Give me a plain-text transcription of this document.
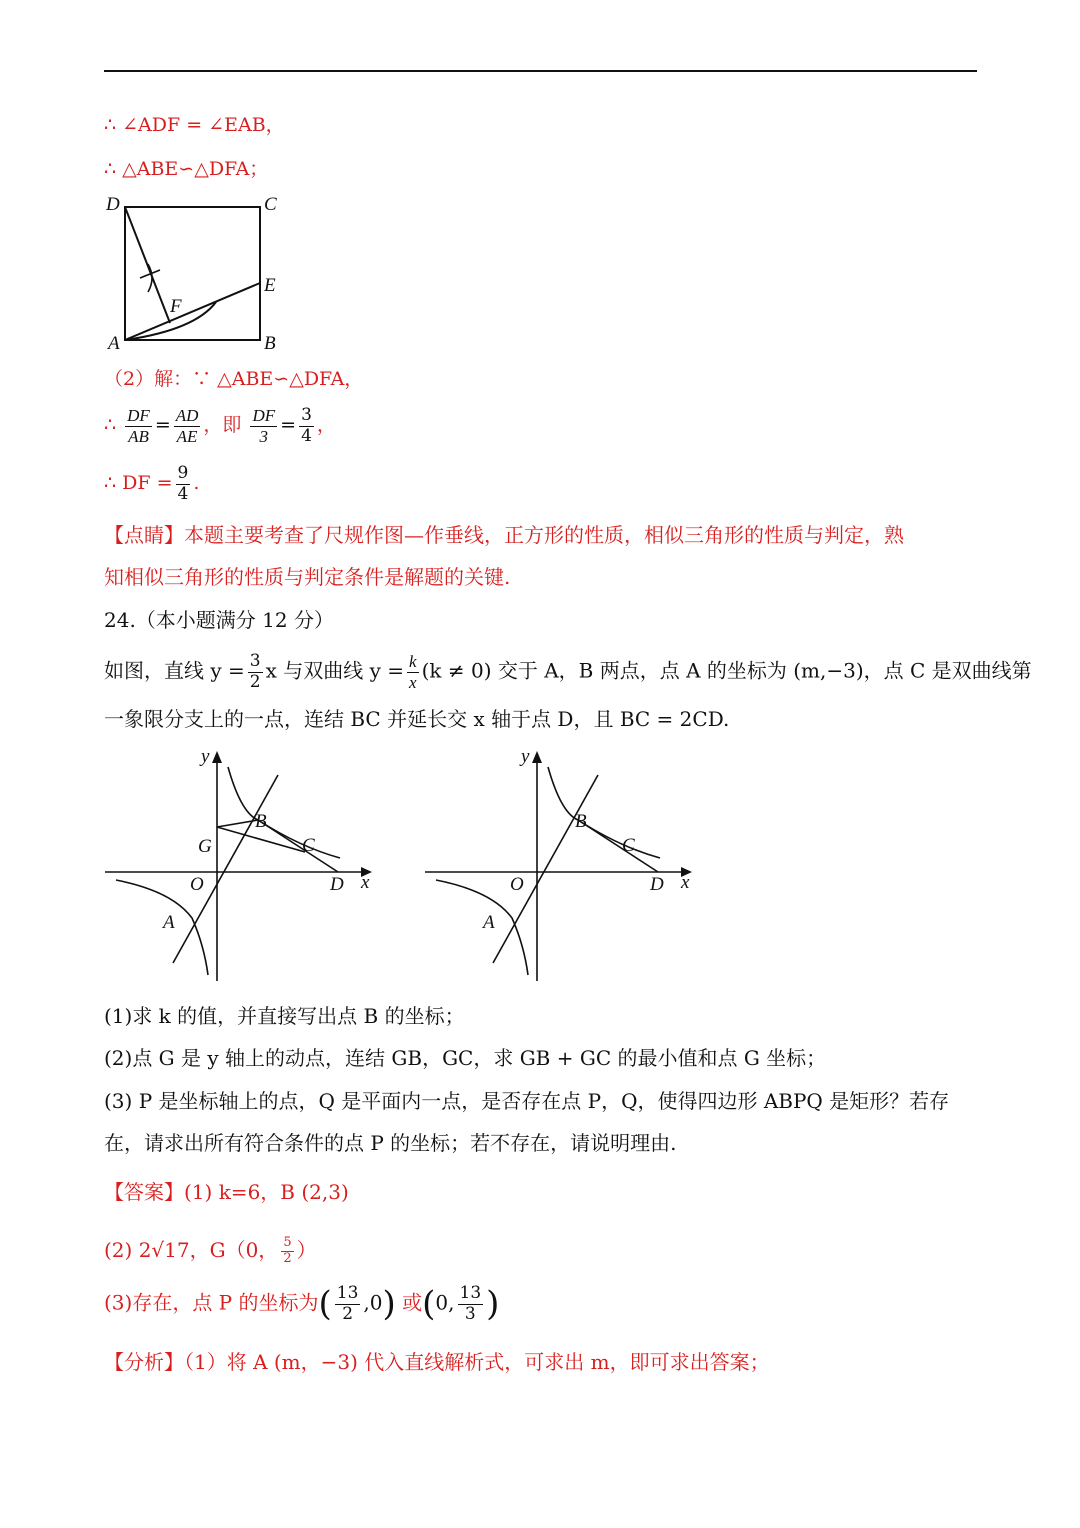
∴ ∠ADF = ∠EAB，
∴ △ABE∽△DFA；
D	C
E
F
A	B
（2）解：∵ △ABE∽△DFA，
∴ $\frac{DF}{AB} = \frac{AD}{AE}$ ，即 $\frac{DF}{3} = \frac{3}{4}$ ，
∴ DF = $\frac{9}{4}$ .
【点睛】本题主要考查了尺规作图—作垂线，正方形的性质，相似三角形的性质与判定，熟
知相似三角形的性质与判定条件是解题的关键.
24.（本小题满分 12 分）
如图，直线 $y = \frac{3}{2}$ x 与双曲线 $y = \frac{k}{x} (k \ne 0)$ 交于 A，B 两点，点 A 的坐标为 (m,−3)，点 C 是双曲线第
一象限分支上的一点，连结 BC 并延长交 x 轴于点 D，且 BC = 2CD.
y
x
O
A
B
C
D
G
y
x
O
A
B
C
D
(1)求 k 的值，并直接写出点 B 的坐标；
(2)点 G 是 y 轴上的动点，连结 GB，GC，求 GB + GC 的最小值和点 G 坐标；
(3) P 是坐标轴上的点，Q 是平面内一点，是否存在点 P，Q，使得四边形 ABPQ 是矩形？若存
在，请求出所有符合条件的点 P 的坐标；若不存在，请说明理由.
【答案】(1) k=6，B (2,3)
(2) 2√17，G（0， $\frac{5}{2}$ ）
(3)存在，点 P 的坐标为( $\frac{13}{2} ,0$) 或(0, $\frac{13}{3}$ )
【分析】（1）将 A (m，−3) 代入直线解析式，可求出 m，即可求出答案；
